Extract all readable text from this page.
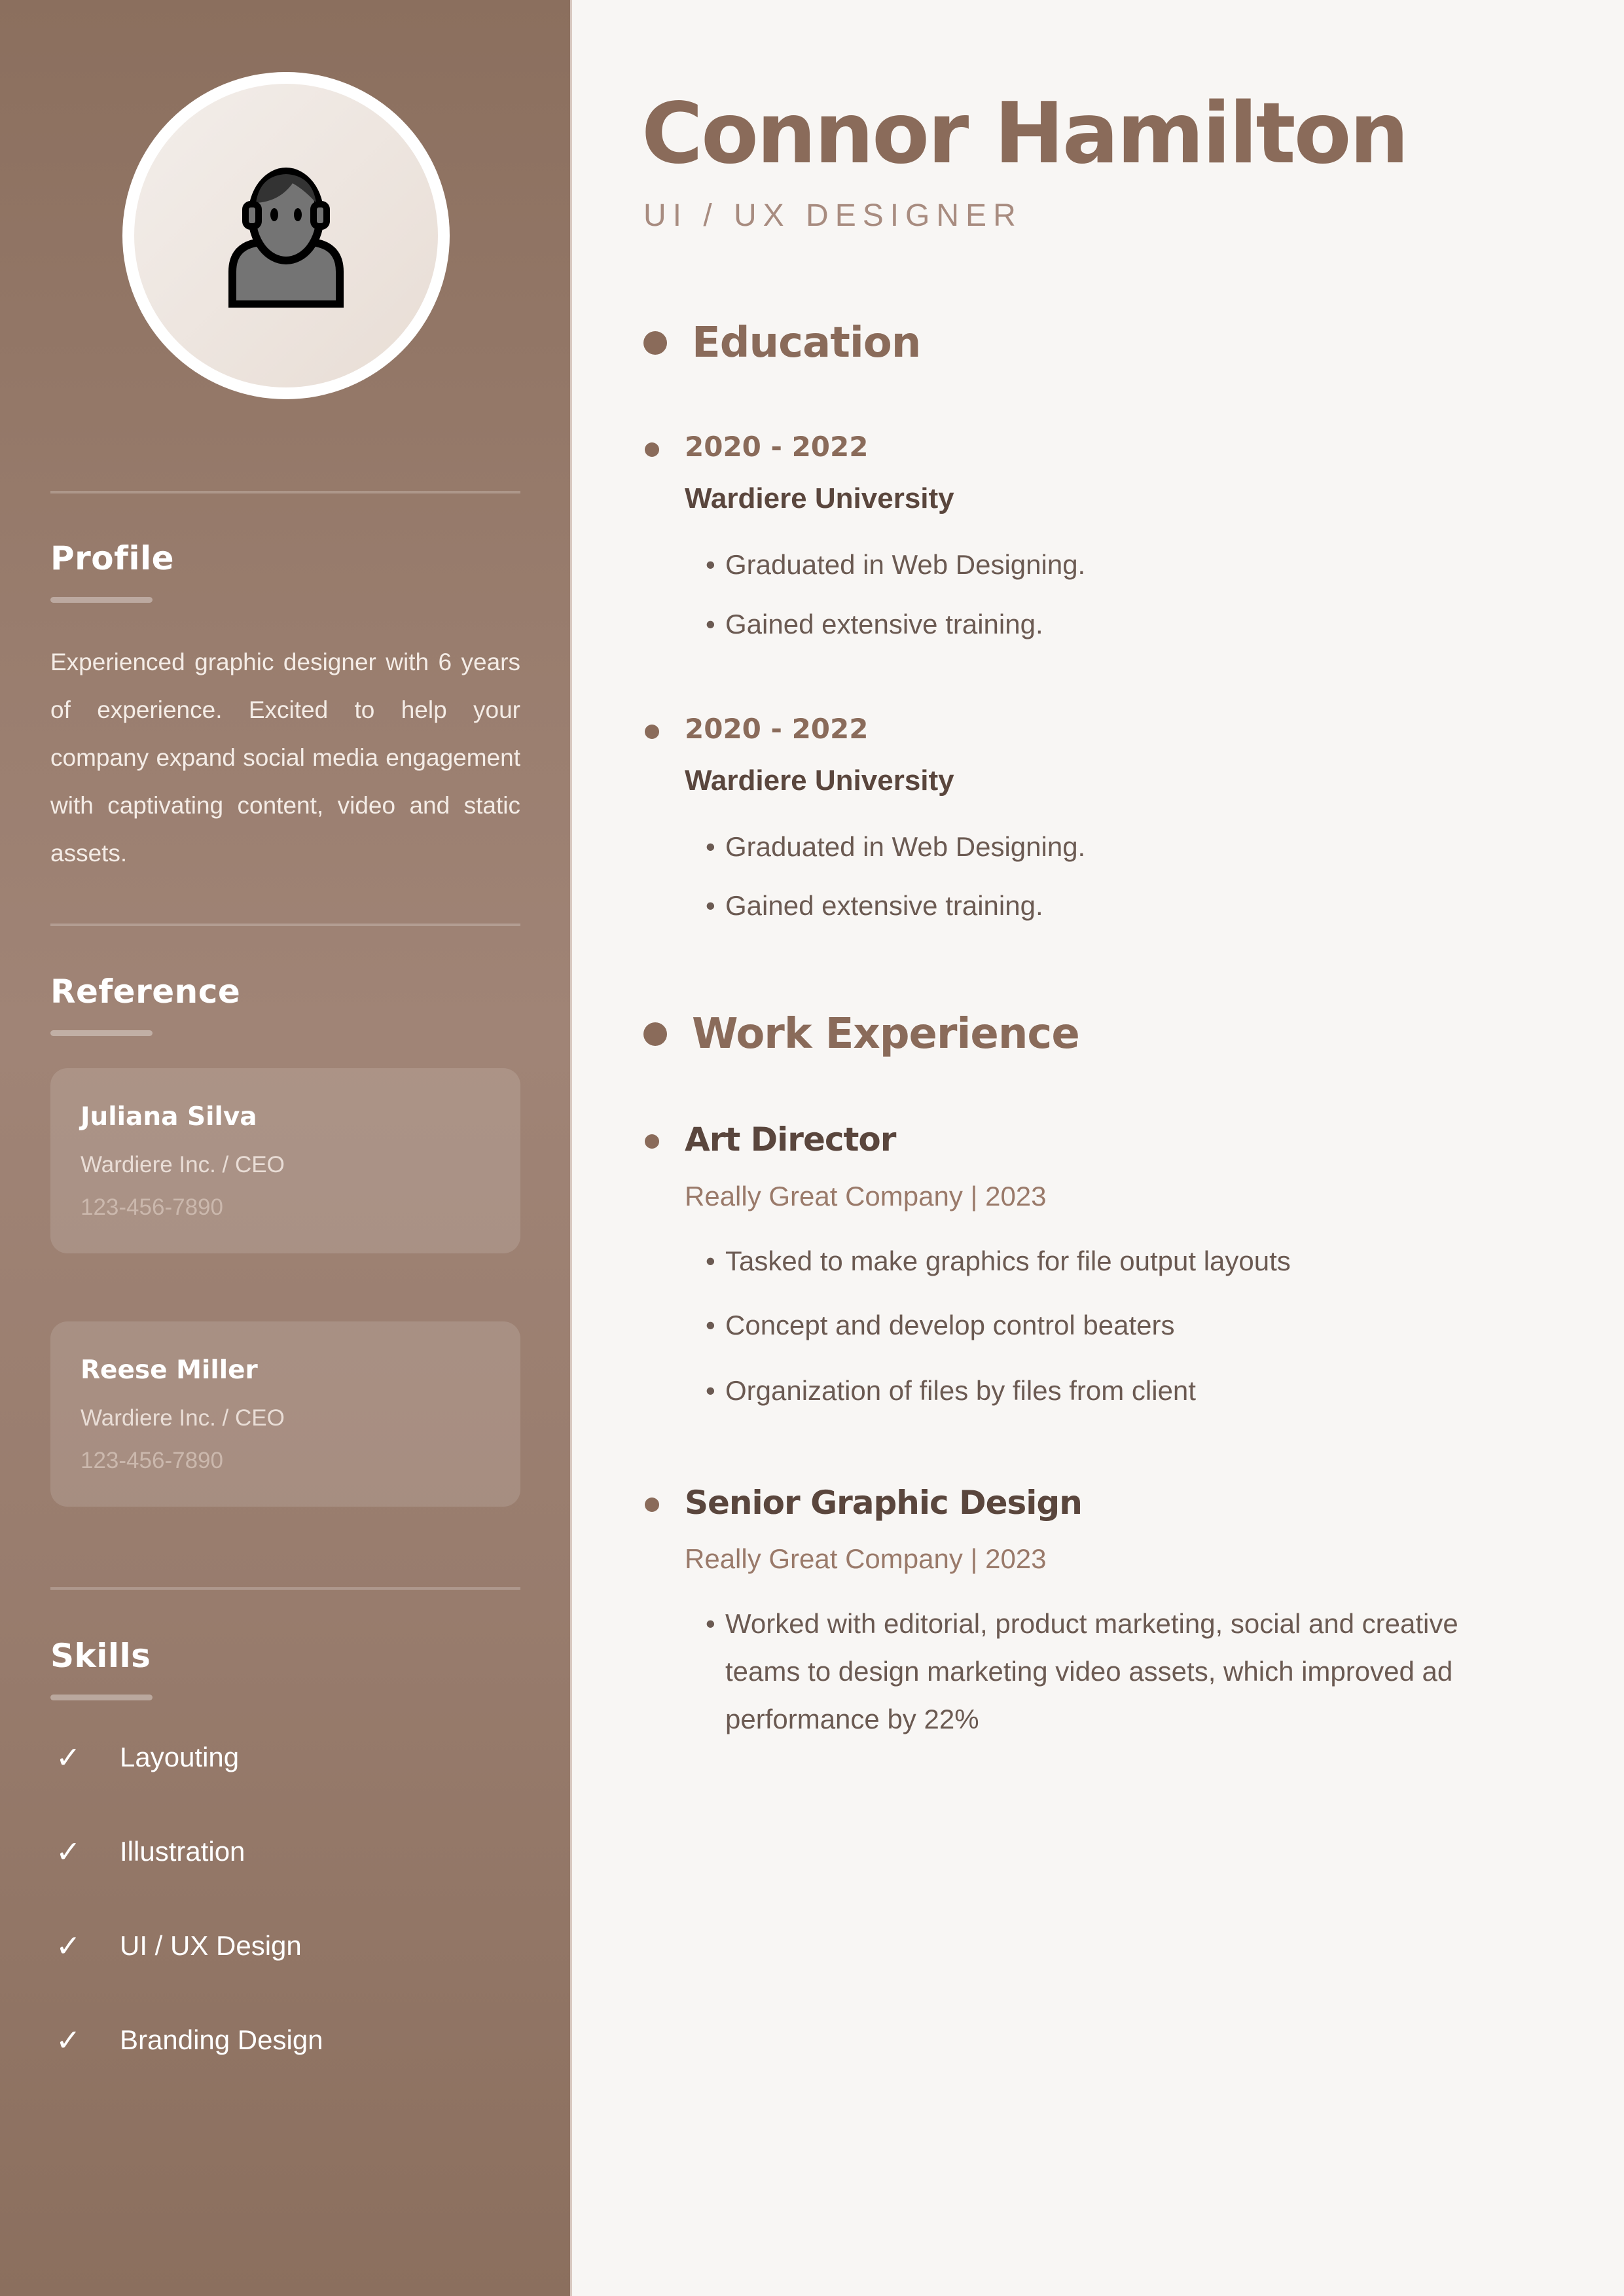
Profile

Experienced graphic designer with 6 years of experience. Excited to help your company expand social media engagement with captivating content, video and static assets.

Reference
Juliana Silva
Wardiere Inc. / CEO
123-456-7890
Reese Miller
Wardiere Inc. / CEO
123-456-7890
Skills
✓	Layouting
✓	Illustration
✓	UI / UX Design
✓	Branding Design
Connor Hamilton
UI / UX DESIGNER
Education
2020 - 2022
Wardiere University
• Graduated in Web Designing.
• Gained extensive training.
2020 - 2022
Wardiere University
• Graduated in Web Designing.
• Gained extensive training.
Work Experience
Art Director
Really Great Company | 2023
• Tasked to make graphics for file output layouts
• Concept and develop control beaters
• Organization of files by files from client
Senior Graphic Design
Really Great Company | 2023
• Worked with editorial, product marketing, social and creative teams to design marketing video assets, which improved ad performance by 22%
